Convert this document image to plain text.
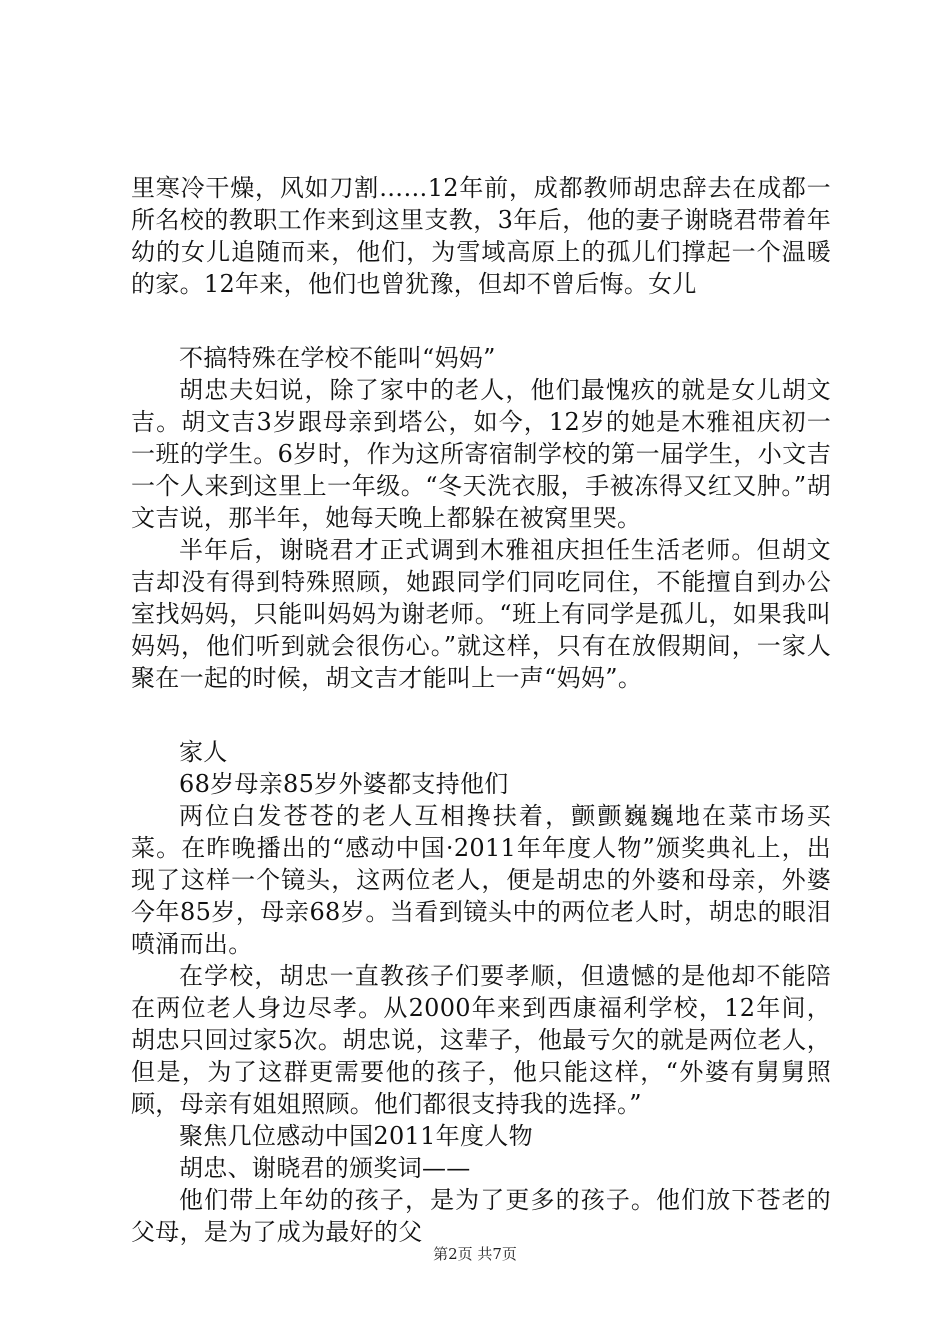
里寒冷干燥，风如刀割……12年前，成都教师胡忠辞去在成都一所名校的教职工作来到这里支教，3年后，他的妻子谢晓君带着年幼的女儿追随而来，他们，为雪域高原上的孤儿们撑起一个温暖的家。12年来，他们也曾犹豫，但却不曾后悔。女儿

不搞特殊在学校不能叫“妈妈”

胡忠夫妇说，除了家中的老人，他们最愧疚的就是女儿胡文吉。胡文吉3岁跟母亲到塔公，如今，12岁的她是木雅祖庆初一一班的学生。6岁时，作为这所寄宿制学校的第一届学生，小文吉一个人来到这里上一年级。“冬天洗衣服，手被冻得又红又肿。”胡文吉说，那半年，她每天晚上都躲在被窝里哭。

半年后，谢晓君才正式调到木雅祖庆担任生活老师。但胡文吉却没有得到特殊照顾，她跟同学们同吃同住，不能擅自到办公室找妈妈，只能叫妈妈为谢老师。“班上有同学是孤儿，如果我叫妈妈，他们听到就会很伤心。”就这样，只有在放假期间，一家人聚在一起的时候，胡文吉才能叫上一声“妈妈”。

家人

68岁母亲85岁外婆都支持他们

两位白发苍苍的老人互相搀扶着，颤颤巍巍地在菜市场买菜。在昨晚播出的“感动中国·2011年年度人物”颁奖典礼上，出现了这样一个镜头，这两位老人，便是胡忠的外婆和母亲，外婆今年85岁，母亲68岁。当看到镜头中的两位老人时，胡忠的眼泪喷涌而出。

在学校，胡忠一直教孩子们要孝顺，但遗憾的是他却不能陪在两位老人身边尽孝。从2000年来到西康福利学校，12年间，胡忠只回过家5次。胡忠说，这辈子，他最亏欠的就是两位老人，但是，为了这群更需要他的孩子，他只能这样，“外婆有舅舅照顾，母亲有姐姐照顾。他们都很支持我的选择。”

聚焦几位感动中国2011年度人物

胡忠、谢晓君的颁奖词——

他们带上年幼的孩子，是为了更多的孩子。他们放下苍老的父母，是为了成为最好的父

第2页 共7页
